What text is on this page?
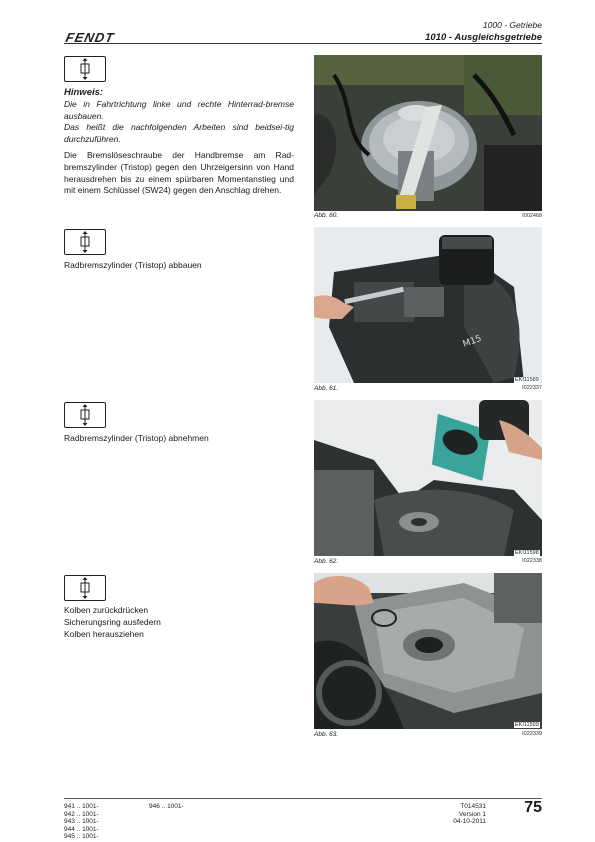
FENDT
1000 - Getriebe
1010 - Ausgleichsgetriebe
Hinweis:
Die in Fahrtrichtung linke und rechte Hinterrad-bremse ausbauen.
Das heißt die nachfolgenden Arbeiten sind beidsei-tig durchzuführen.
Die Bremslöseschraube der Handbremse am Rad-bremszylinder (Tristop) gegen den Uhrzeigersinn von Hand herausdrehen bis zu einem spürbaren Momentanstieg und mit einem Schlüssel (SW24) gegen den Anschlag drehen.
Abb. 60.	I002468
Radbremszylinder (Tristop) abbauen
M15
EKI11589
Abb. 61.	I022337
Radbremszylinder (Tristop) abnehmen
EKI11598
Abb. 62.	I022338
Kolben zurückdrücken
Sicherungsring ausfedern
Kolben herausziehen
EKI11599
Abb. 63.	I022339
941 .. 1001-
942 .. 1001-
943 .. 1001-
944 .. 1001-
945 .. 1001-
946 .. 1001-	T014531
Version 1
04-10-2011
75
